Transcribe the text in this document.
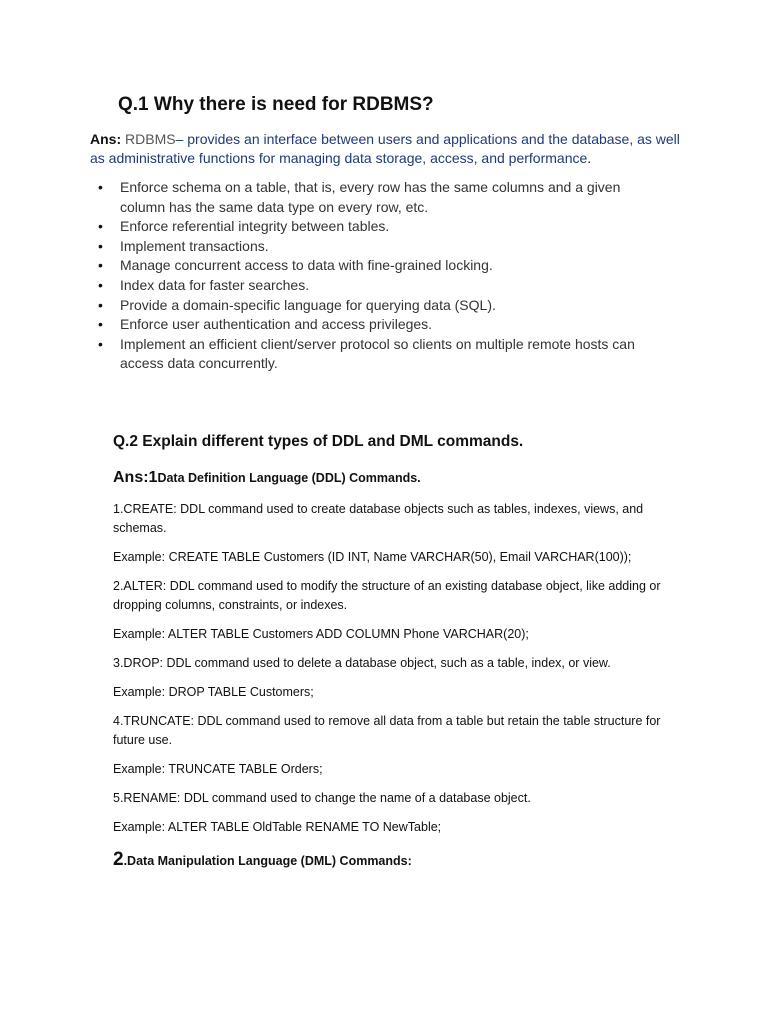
Q.1 Why there is need for RDBMS?
Ans: RDBMS– provides an interface between users and applications and the database, as well as administrative functions for managing data storage, access, and performance.
• Enforce schema on a table, that is, every row has the same columns and a given column has the same data type on every row, etc.
• Enforce referential integrity between tables.
• Implement transactions.
• Manage concurrent access to data with fine-grained locking.
• Index data for faster searches.
• Provide a domain-specific language for querying data (SQL).
• Enforce user authentication and access privileges.
• Implement an efficient client/server protocol so clients on multiple remote hosts can access data concurrently.
Q.2 Explain different types of DDL and DML commands.
Ans:1Data Definition Language (DDL) Commands.
1.CREATE: DDL command used to create database objects such as tables, indexes, views, and schemas.
Example: CREATE TABLE Customers (ID INT, Name VARCHAR(50), Email VARCHAR(100));
2.ALTER: DDL command used to modify the structure of an existing database object, like adding or dropping columns, constraints, or indexes.
Example: ALTER TABLE Customers ADD COLUMN Phone VARCHAR(20);
3.DROP: DDL command used to delete a database object, such as a table, index, or view.
Example: DROP TABLE Customers;
4.TRUNCATE: DDL command used to remove all data from a table but retain the table structure for future use.
Example: TRUNCATE TABLE Orders;
5.RENAME: DDL command used to change the name of a database object.
Example: ALTER TABLE OldTable RENAME TO NewTable;
2.Data Manipulation Language (DML) Commands:
